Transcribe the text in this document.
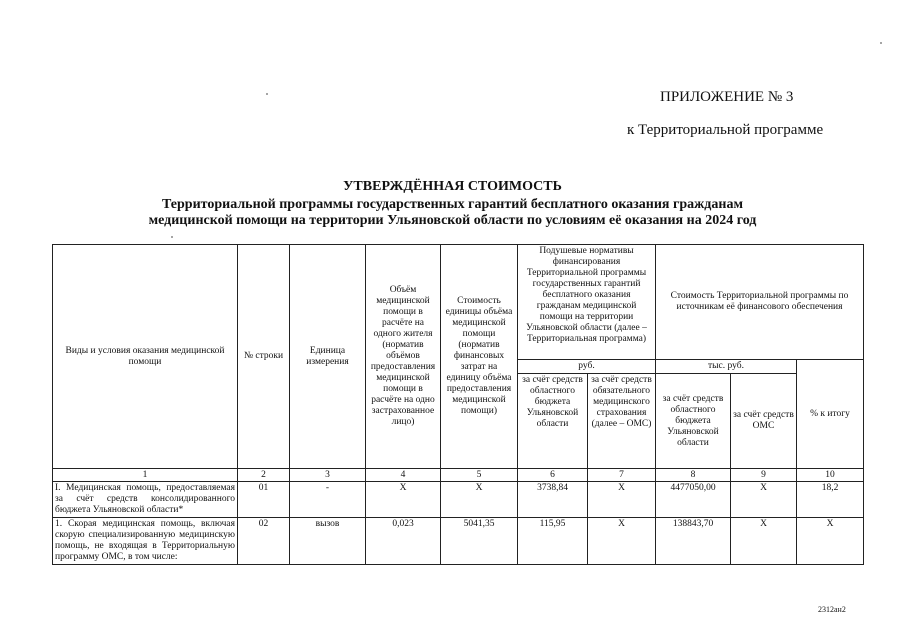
ПРИЛОЖЕНИЕ № 3
к Территориальной программе
УТВЕРЖДЁННАЯ СТОИМОСТЬ
Территориальной программы государственных гарантий бесплатного оказания гражданам
медицинской помощи на территории Ульяновской области по условиям её оказания на 2024 год
Виды и условия оказания медицинской помощи	№ строки	Единица измерения	Объём медицинской помощи в расчёте на одного жителя (норматив объёмов предоставления медицинской помощи в расчёте на одно застрахованное лицо)	Стоимость единицы объёма медицинской помощи (норматив финансовых затрат на единицу объёма предоставления медицинской помощи)	Подушевые нормативы финансирования Территориальной программы государственных гарантий бесплатного оказания гражданам медицинской помощи на территории Ульяновской области (далее – Территориальная программа)		Стоимость Территориальной программы по источникам её финансового обеспечения		
					руб.		тыс. руб.		% к итогу
					за счёт средств областного бюджета Ульяновской области	за счёт средств обязательного медицинского страхования (далее – ОМС)	за счёт средств областного бюджета Ульяновской области	за счёт средств ОМС	
1	2	3	4	5	6	7	8	9	10
I. Медицинская помощь, предоставляемая за счёт средств консолидированного бюджета Ульяновской области*	01	-	Х	Х	3738,84	Х	4477050,00	Х	18,2
1. Скорая медицинская помощь, включая скорую специализированную медицинскую помощь, не входящая в Территориальную программу ОМС, в том числе:	02	вызов	0,023	5041,35	115,95	Х	138843,70	Х	Х
2312ан2
